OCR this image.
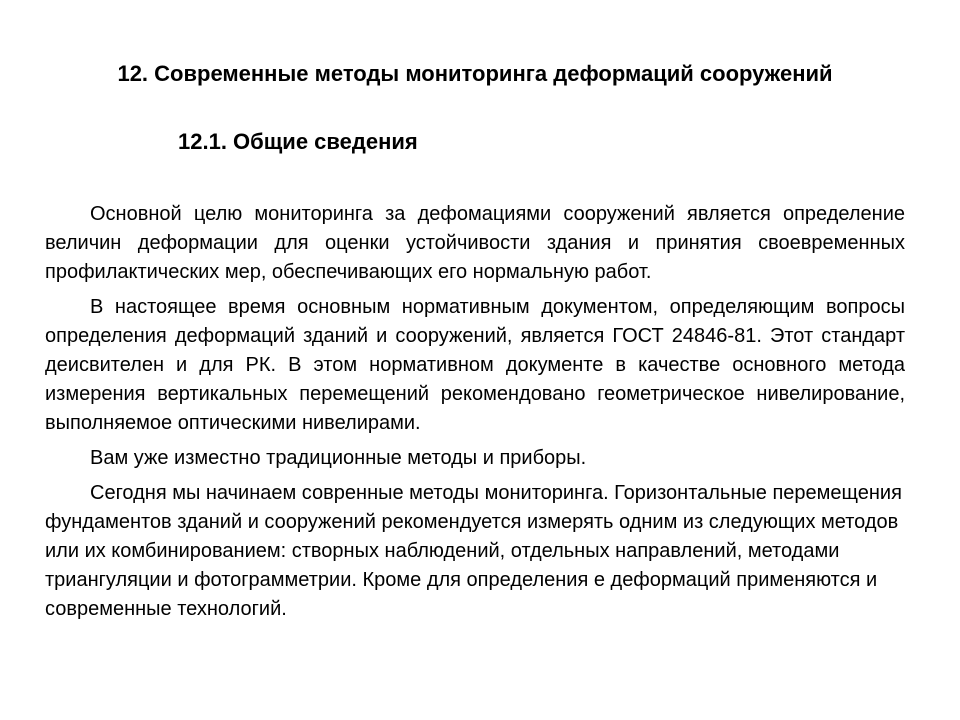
12. Современные методы мониторинга деформаций сооружений
12.1. Общие сведения

Основной целю мониторинга за дефомациями сооружений является определение величин деформации для оценки устойчивости здания и принятия своевременных профилактических мер, обеспечивающих его нормальную работ.

В настоящее время основным нормативным документом, определяющим вопросы определения деформаций зданий и сооружений, является ГОСТ 24846-81. Этот стандарт деисвителен и для РК. В этом нормативном документе в качестве основного метода измерения вертикальных перемещений рекомендовано геометрическое нивелирование, выполняемое оптическими нивелирами.

Вам уже изместно традиционные методы и приборы.

Сегодня мы начинаем совренные методы мониторинга. Горизонтальные перемещения фундаментов зданий и сооружений рекомендуется измерять одним из следующих методов или их комбинированием: створных наблюдений, отдельных направлений, методами триангуляции и фотограмметрии. Кроме для определения е деформаций применяются и современные технологий.
